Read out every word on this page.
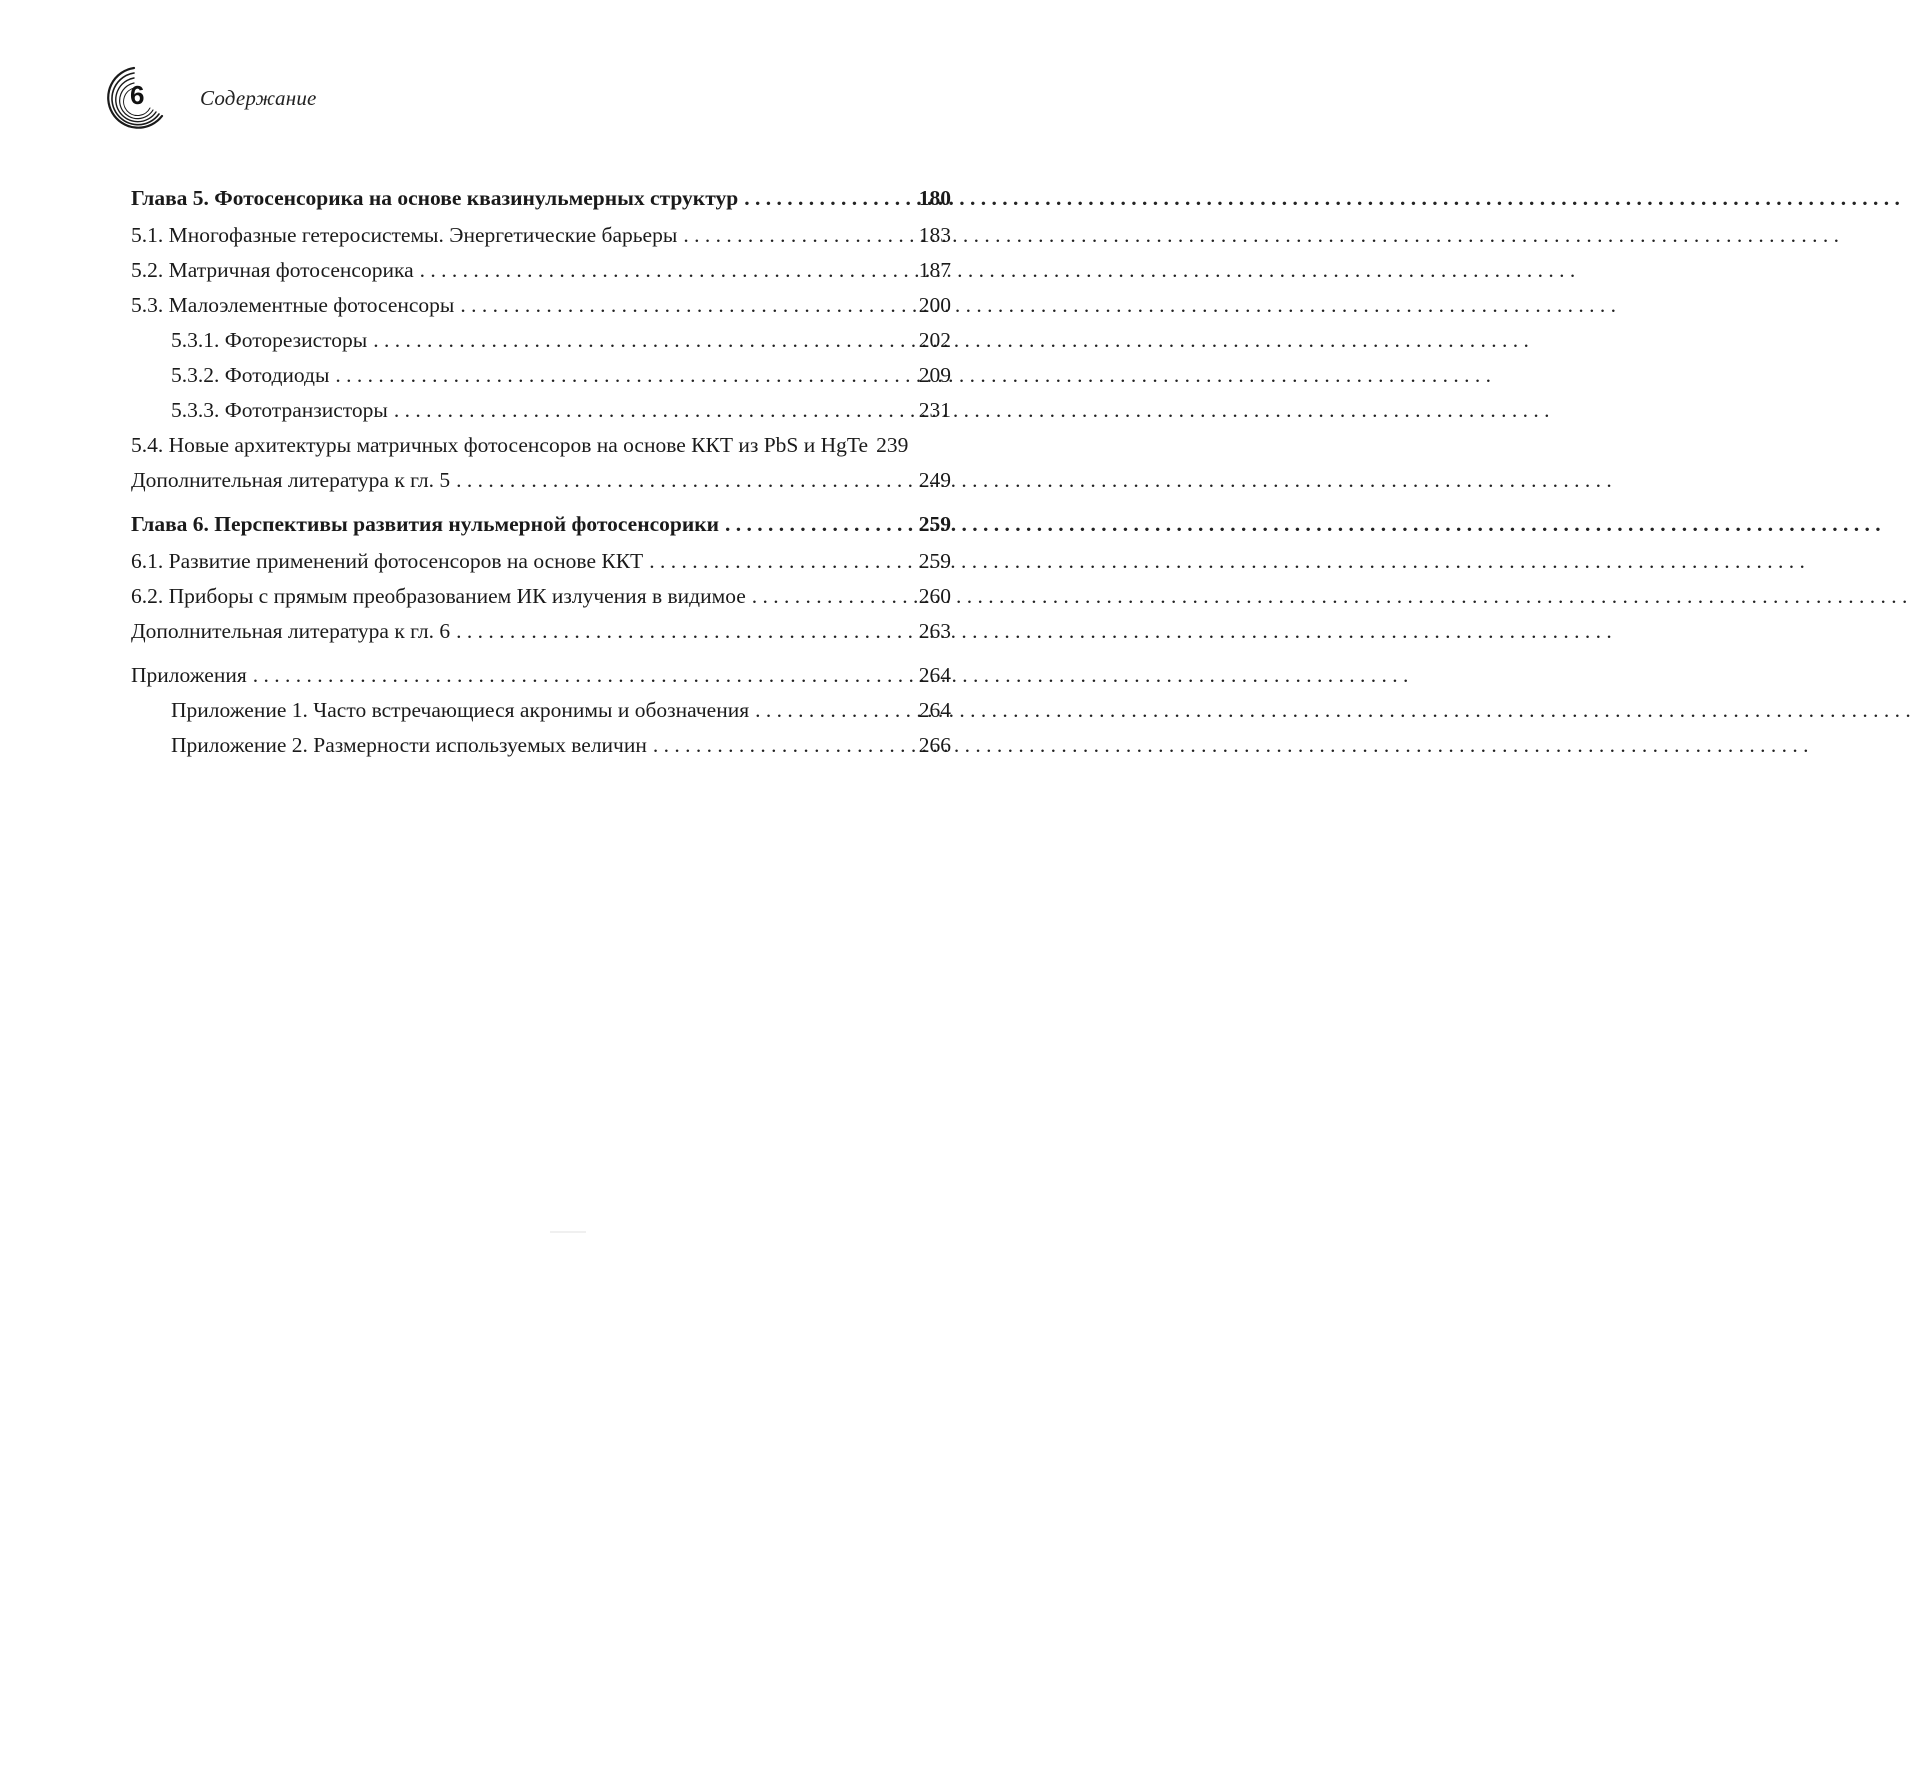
6	Содержание
Глава 5. Фотосенсорика на основе квазинульмерных структур . . .	180
5.1. Многофазные гетеросистемы. Энергетические барьеры . . .	183
5.2. Матричная фотосенсорика . . .	187
5.3. Малоэлементные фотосенсоры . . .	200
5.3.1. Фоторезисторы . . .	202
5.3.2. Фотодиоды . . .	209
5.3.3. Фототранзисторы . . .	231
5.4. Новые архитектуры матричных фотосенсоров на основе ККТ из PbS и HgTe 239
Дополнительная литература к гл. 5 . . .	249
Глава 6. Перспективы развития нульмерной фотосенсорики . . .	259
6.1. Развитие применений фотосенсоров на основе ККТ . . .	259
6.2. Приборы с прямым преобразованием ИК излучения в видимое . . .	260
Дополнительная литература к гл. 6 . . .	263
Приложения . . .	264
Приложение 1. Часто встречающиеся акронимы и обозначения . . .	264
Приложение 2. Размерности используемых величин . . .	266
